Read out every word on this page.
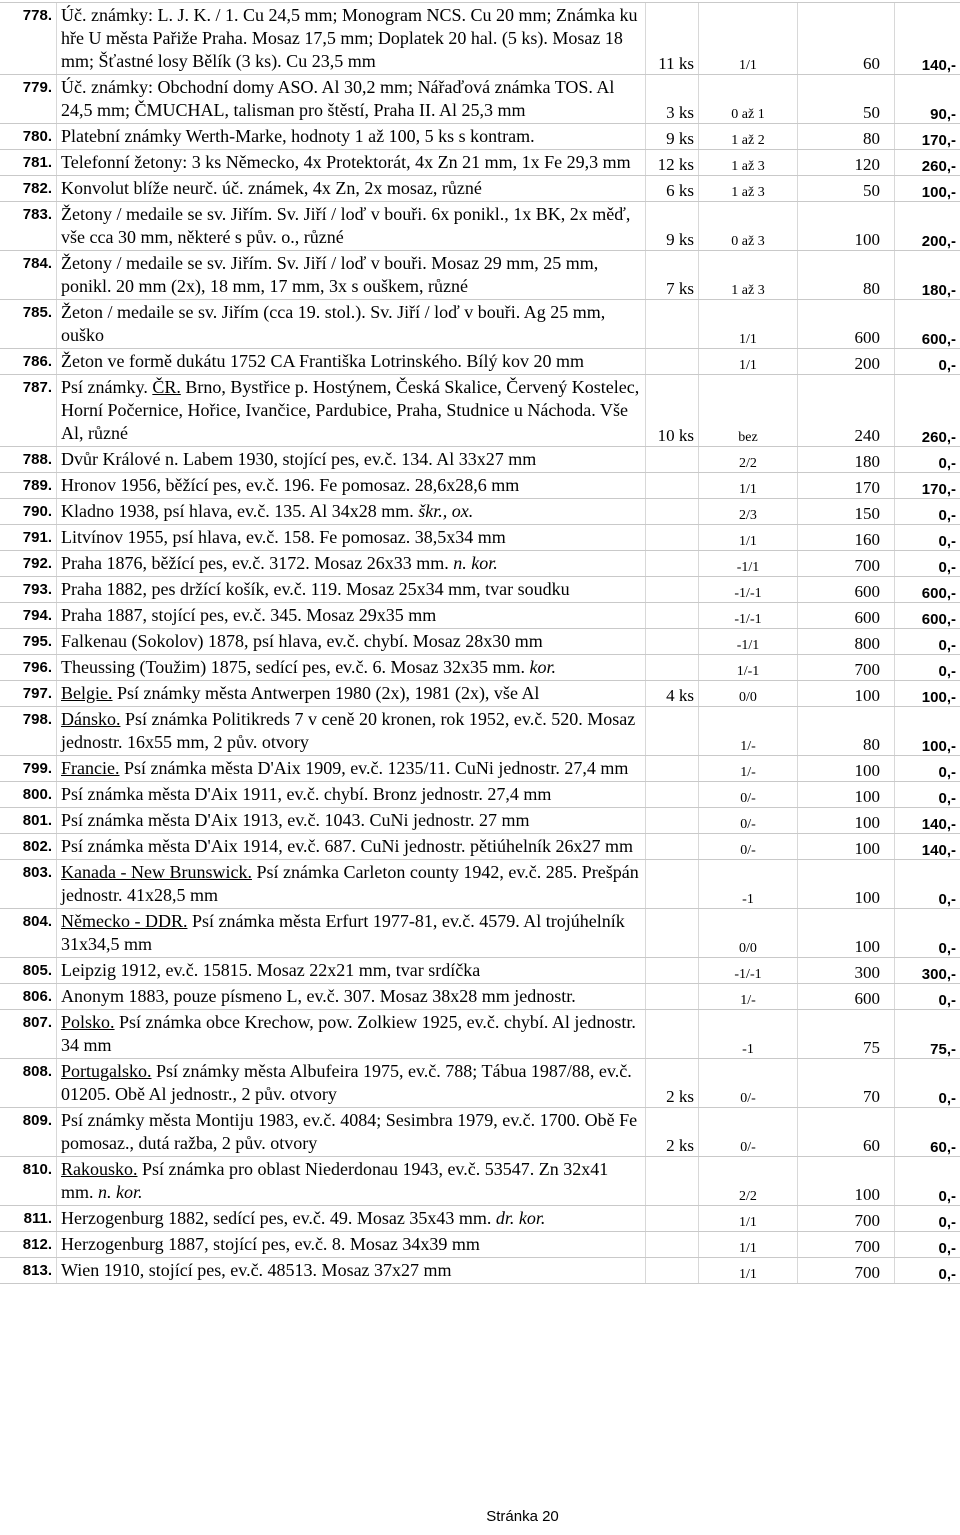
778.	Úč. známky: L. J. K. / 1. Cu 24,5 mm; Monogram NCS. Cu 20 mm; Známka ku hře U města Pařiže Praha. Mosaz 17,5 mm; Doplatek 20 hal. (5 ks). Mosaz 18 mm; Šťastné losy Bělík (3 ks). Cu 23,5 mm	11 ks	1/1	60	140,-
779.	Úč. známky: Obchodní domy ASO. Al 30,2 mm; Nářaďová známka TOS. Al 24,5 mm; ČMUCHAL, talisman pro štěstí, Praha II. Al 25,3 mm	3 ks	0 až 1	50	90,-
780.	Platební známky Werth-Marke, hodnoty 1 až 100, 5 ks s kontram.	9 ks	1 až 2	80	170,-
781.	Telefonní žetony: 3 ks Německo, 4x Protektorát, 4x Zn 21 mm, 1x Fe 29,3 mm	12 ks	1 až 3	120	260,-
782.	Konvolut blíže neurč. úč. známek, 4x Zn, 2x mosaz, různé	6 ks	1 až 3	50	100,-
783.	Žetony / medaile se sv. Jiřím. Sv. Jiří / loď v bouři. 6x ponikl., 1x BK, 2x měď, vše cca 30 mm, některé s pův. o., různé	9 ks	0 až 3	100	200,-
784.	Žetony / medaile se sv. Jiřím. Sv. Jiří / loď v bouři. Mosaz 29 mm, 25 mm, ponikl. 20 mm (2x), 18 mm, 17 mm, 3x s ouškem, různé	7 ks	1 až 3	80	180,-
785.	Žeton / medaile se sv. Jiřím (cca 19. stol.). Sv. Jiří / loď v bouři. Ag 25 mm, ouško		1/1	600	600,-
786.	Žeton ve formě dukátu 1752 CA Františka Lotrinského. Bílý kov 20 mm		1/1	200	0,-
787.	Psí známky. ČR. Brno, Bystřice p. Hostýnem, Česká Skalice, Červený Kostelec, Horní Počernice, Hořice, Ivančice, Pardubice, Praha, Studnice u Náchoda. Vše Al, různé	10 ks	bez	240	260,-
788.	Dvůr Králové n. Labem 1930, stojící pes, ev.č. 134. Al 33x27 mm		2/2	180	0,-
789.	Hronov 1956, běžící pes, ev.č. 196. Fe pomosaz. 28,6x28,6 mm		1/1	170	170,-
790.	Kladno 1938, psí hlava, ev.č. 135. Al 34x28 mm. škr., ox.		2/3	150	0,-
791.	Litvínov 1955, psí hlava, ev.č. 158. Fe pomosaz. 38,5x34 mm		1/1	160	0,-
792.	Praha 1876, běžící pes, ev.č. 3172. Mosaz 26x33 mm. n. kor.		-1/1	700	0,-
793.	Praha 1882, pes držící košík, ev.č. 119. Mosaz 25x34 mm, tvar soudku		-1/-1	600	600,-
794.	Praha 1887, stojící pes, ev.č. 345. Mosaz 29x35 mm		-1/-1	600	600,-
795.	Falkenau (Sokolov) 1878, psí hlava, ev.č. chybí. Mosaz 28x30 mm		-1/1	800	0,-
796.	Theussing (Toužim) 1875, sedící pes, ev.č. 6. Mosaz 32x35 mm. kor.		1/-1	700	0,-
797.	Belgie. Psí známky města Antwerpen 1980 (2x), 1981 (2x), vše Al	4 ks	0/0	100	100,-
798.	Dánsko. Psí známka Politikreds 7 v ceně 20 kronen, rok 1952, ev.č. 520. Mosaz jednostr. 16x55 mm, 2 pův. otvory		1/-	80	100,-
799.	Francie. Psí známka města D'Aix 1909, ev.č. 1235/11. CuNi jednostr. 27,4 mm		1/-	100	0,-
800.	Psí známka města D'Aix 1911, ev.č. chybí. Bronz jednostr. 27,4 mm		0/-	100	0,-
801.	Psí známka města D'Aix 1913, ev.č. 1043. CuNi jednostr. 27 mm		0/-	100	140,-
802.	Psí známka města D'Aix 1914, ev.č. 687. CuNi jednostr. pětiúhelník 26x27 mm		0/-	100	140,-
803.	Kanada - New Brunswick. Psí známka Carleton county 1942, ev.č. 285. Prešpán jednostr. 41x28,5 mm		-1	100	0,-
804.	Německo - DDR. Psí známka města Erfurt 1977-81, ev.č. 4579. Al trojúhelník 31x34,5 mm		0/0	100	0,-
805.	Leipzig 1912, ev.č. 15815. Mosaz 22x21 mm, tvar srdíčka		-1/-1	300	300,-
806.	Anonym 1883, pouze písmeno L, ev.č. 307. Mosaz 38x28 mm jednostr.		1/-	600	0,-
807.	Polsko. Psí známka obce Krechow, pow. Zolkiew 1925, ev.č. chybí. Al jednostr. 34 mm		-1	75	75,-
808.	Portugalsko. Psí známky města Albufeira 1975, ev.č. 788; Tábua 1987/88, ev.č. 01205. Obě Al jednostr., 2 pův. otvory	2 ks	0/-	70	0,-
809.	Psí známky města Montiju 1983, ev.č. 4084; Sesimbra 1979, ev.č. 1700. Obě Fe pomosaz., dutá ražba, 2 pův. otvory	2 ks	0/-	60	60,-
810.	Rakousko. Psí známka pro oblast Niederdonau 1943, ev.č. 53547. Zn 32x41 mm. n. kor.		2/2	100	0,-
811.	Herzogenburg 1882, sedící pes, ev.č. 49. Mosaz 35x43 mm. dr. kor.		1/1	700	0,-
812.	Herzogenburg 1887, stojící pes, ev.č. 8. Mosaz 34x39 mm		1/1	700	0,-
813.	Wien 1910, stojící pes, ev.č. 48513. Mosaz 37x27 mm		1/1	700	0,-
Stránka 20
